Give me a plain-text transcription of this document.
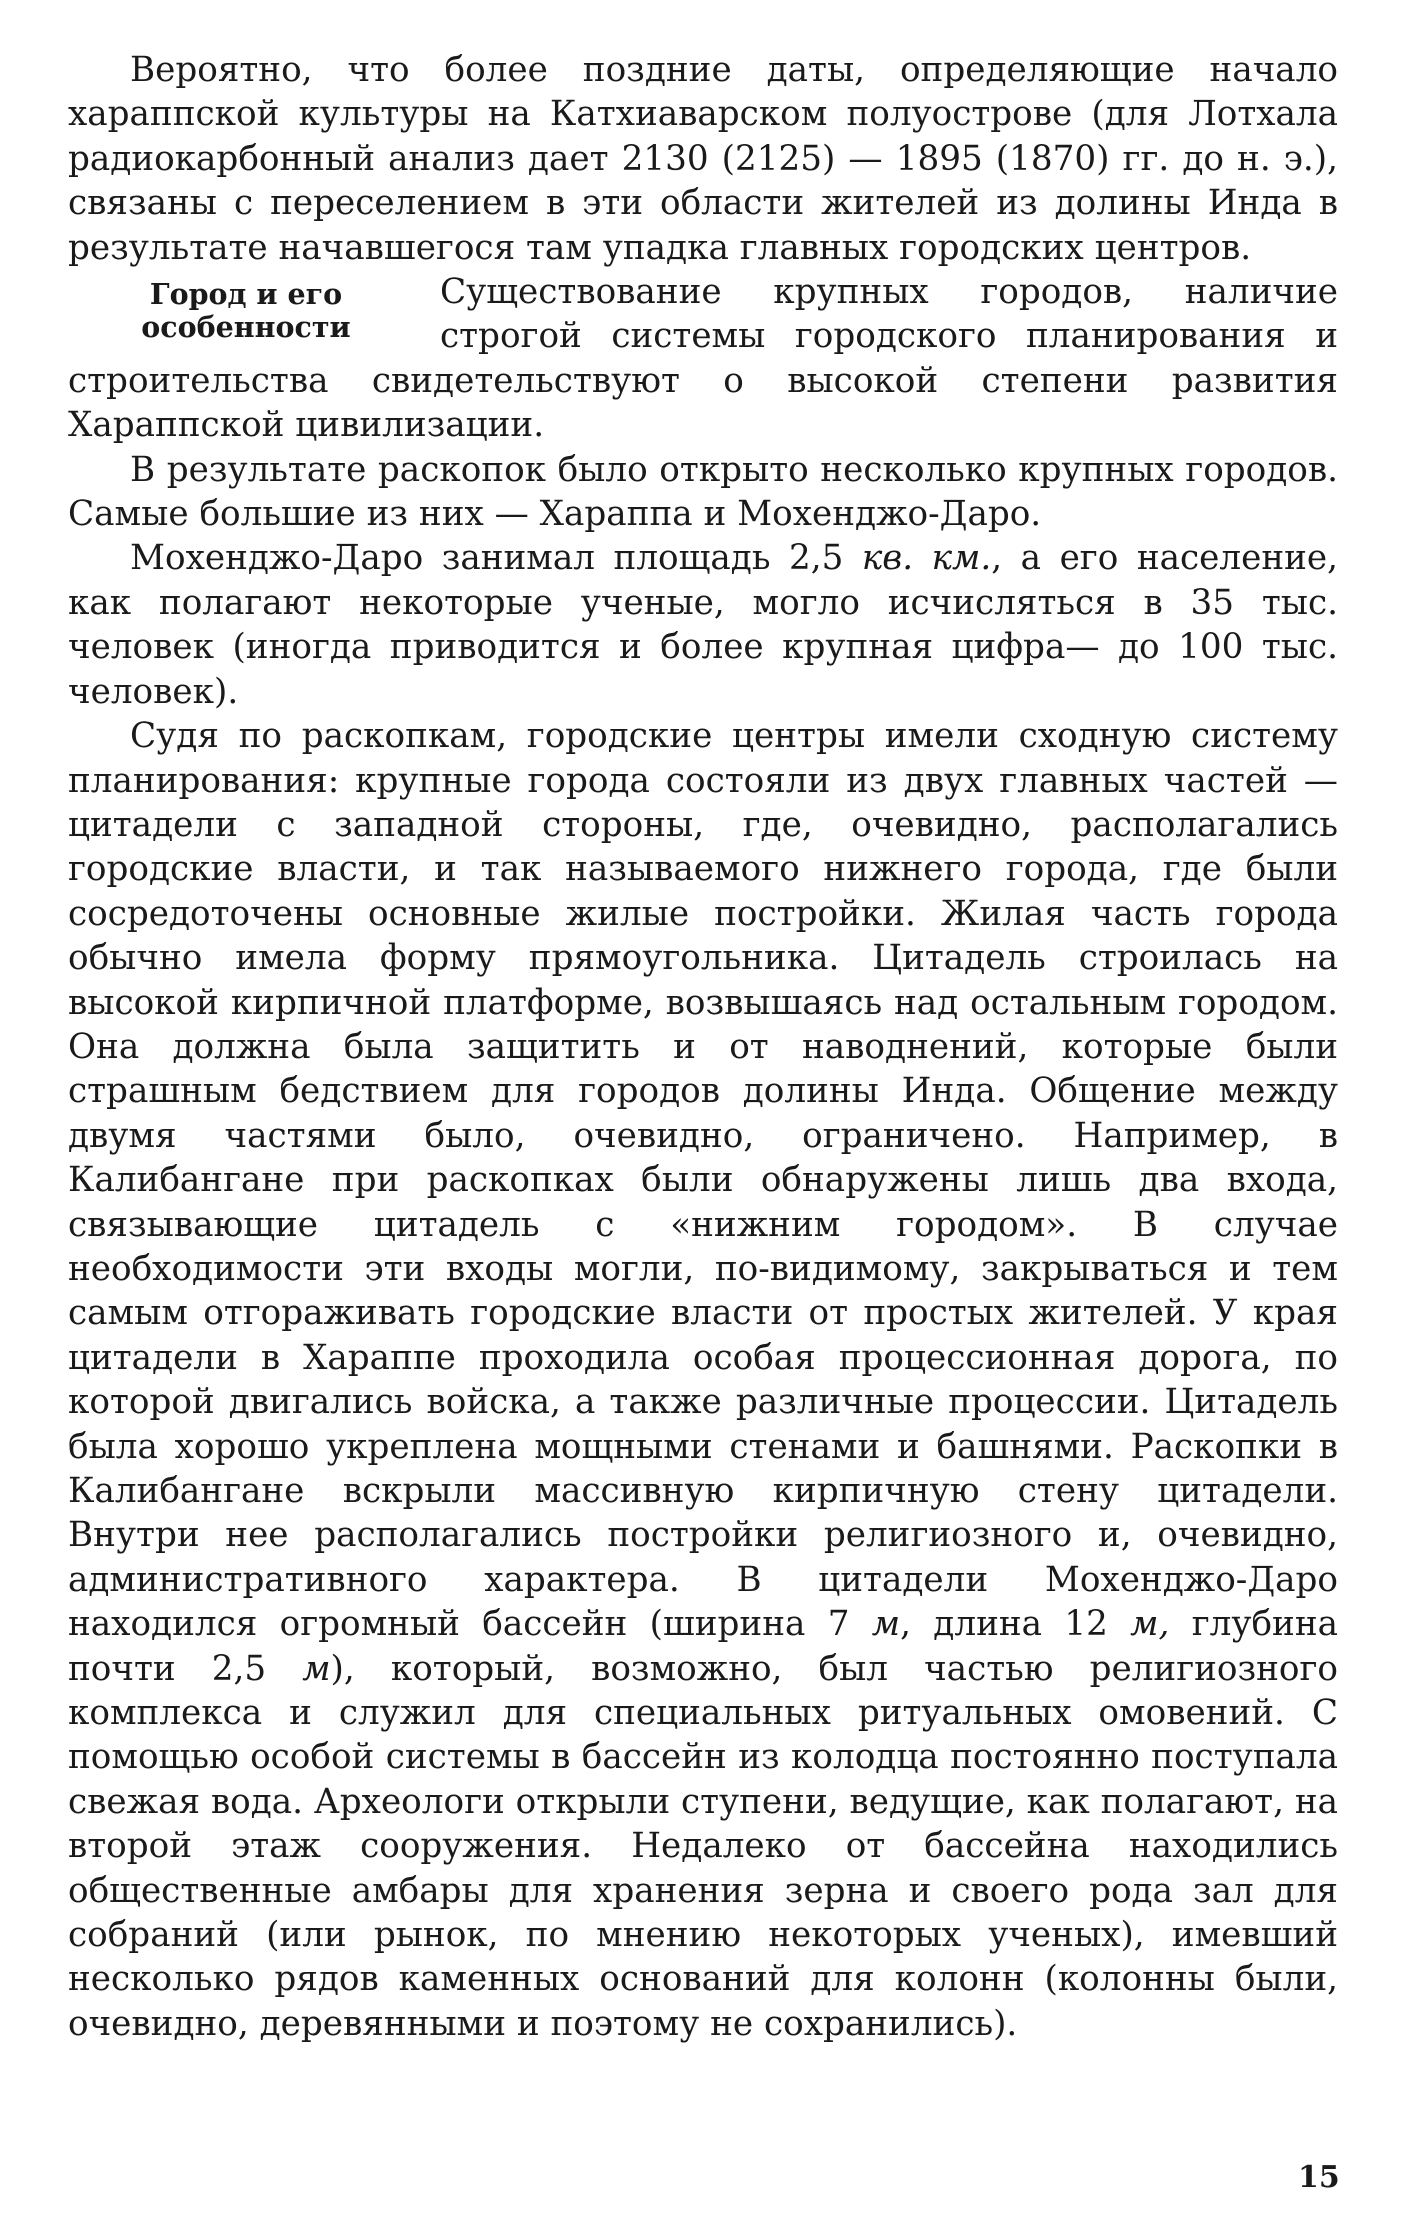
Вероятно, что более поздние даты, определяющие начало хараппской культуры на Катхиаварском полуострове (для Лотхала радиокарбонный анализ дает 2130 (2125) — 1895 (1870) гг. до н. э.), связаны с переселением в эти области жителей из долины Инда в результате начавшегося там упадка главных городских центров.

Город и его
особенности

Существование крупных городов, наличие строгой системы городского планирования и строительства свидетельствуют о высокой степени развития Хараппской цивилизации.

В результате раскопок было открыто несколько крупных городов. Самые большие из них — Хараппа и Мохенджо-Даро.

Мохенджо-Даро занимал площадь 2,5 кв. км., а его население, как полагают некоторые ученые, могло исчисляться в 35 тыс. человек (иногда приводится и более крупная цифра— до 100 тыс. человек).

Судя по раскопкам, городские центры имели сходную систему планирования: крупные города состояли из двух главных частей — цитадели с западной стороны, где, очевидно, располагались городские власти, и так называемого нижнего города, где были сосредоточены основные жилые постройки. Жилая часть города обычно имела форму прямоугольника. Цитадель строилась на высокой кирпичной платформе, возвышаясь над остальным городом. Она должна была защитить и от наводнений, которые были страшным бедствием для городов долины Инда. Общение между двумя частями было, очевидно, ограничено. Например, в Калибангане при раскопках были обнаружены лишь два входа, связывающие цитадель с «нижним городом». В случае необходимости эти входы могли, по-видимому, закрываться и тем самым отгораживать городские власти от простых жителей. У края цитадели в Хараппе проходила особая процессионная дорога, по которой двигались войска, а также различные процессии. Цитадель была хорошо укреплена мощными стенами и башнями. Раскопки в Калибангане вскрыли массивную кирпичную стену цитадели. Внутри нее располагались постройки религиозного и, очевидно, административного характера. В цитадели Мохенджо-Даро находился огромный бассейн (ширина 7 м, длина 12 м, глубина почти 2,5 м), который, возможно, был частью религиозного комплекса и служил для специальных ритуальных омовений. С помощью особой системы в бассейн из колодца постоянно поступала свежая вода. Археологи открыли ступени, ведущие, как полагают, на второй этаж сооружения. Недалеко от бассейна находились общественные амбары для хранения зерна и своего рода зал для собраний (или рынок, по мнению некоторых ученых), имевший несколько рядов каменных оснований для колонн (колонны были, очевидно, деревянными и поэтому не сохранились).

15
